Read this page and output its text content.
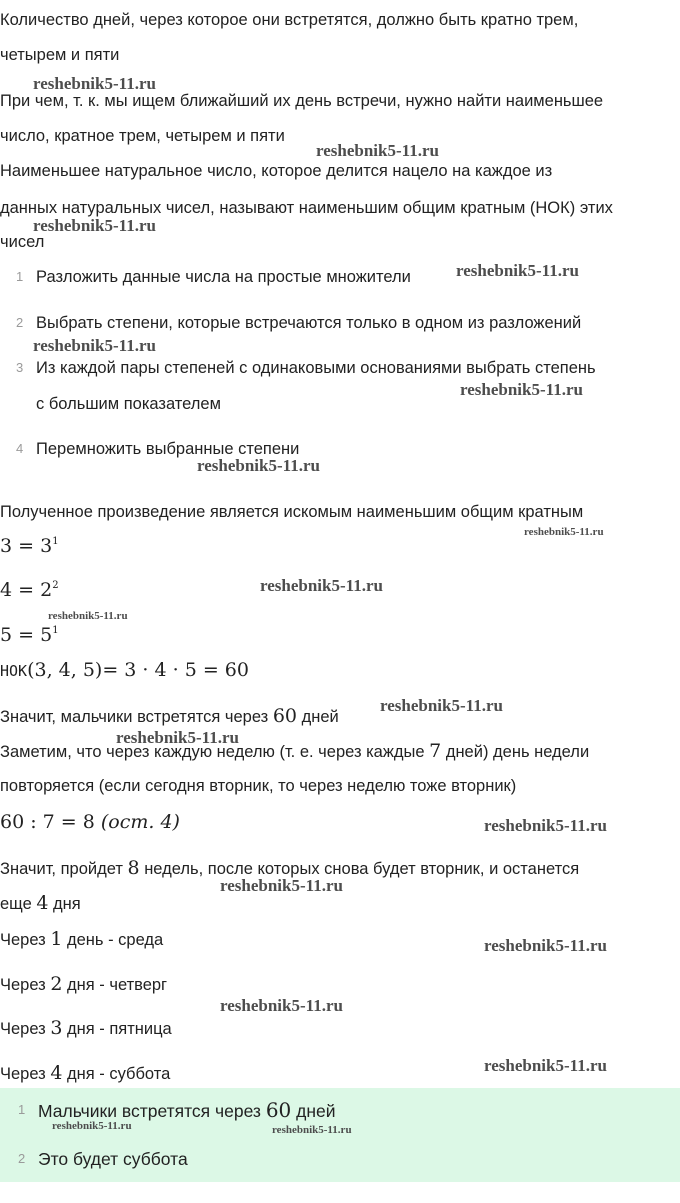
Количество дней, через которое они встретятся, должно быть кратно трем,
четырем и пяти
При чем, т. к. мы ищем ближайший их день встречи, нужно найти наименьшее
число, кратное трем, четырем и пяти
Наименьшее натуральное число, которое делится нацело на каждое из
данных натуральных чисел, называют наименьшим общим кратным (НОК) этих
чисел
1 Разложить данные числа на простые множители
2 Выбрать степени, которые встречаются только в одном из разложений
3 Из каждой пары степеней с одинаковыми основаниями выбрать степень
с большим показателем
4 Перемножить выбранные степени
Полученное произведение является искомым наименьшим общим кратным
$3 = 3^1$
$4 = 2^2$
$5 = 5^1$
НОК(3, 4, 5)= 3 · 4 · 5 = 60
Значит, мальчики встретятся через 60 дней
Заметим, что через каждую неделю (т. е. через каждые 7 дней) день недели
повторяется (если сегодня вторник, то через неделю тоже вторник)
60 : 7 = 8 (ост. 4)
Значит, пройдет 8 недель, после которых снова будет вторник, и останется
еще 4 дня
Через 1 день - среда
Через 2 дня - четверг
Через 3 дня - пятница
Через 4 дня - суббота
1 Мальчики встретятся через 60 дней
2 Это будет суббота
reshebnik5-11.ru
reshebnik5-11.ru
reshebnik5-11.ru
reshebnik5-11.ru
reshebnik5-11.ru
reshebnik5-11.ru
reshebnik5-11.ru
reshebnik5-11.ru
reshebnik5-11.ru
reshebnik5-11.ru
reshebnik5-11.ru
reshebnik5-11.ru
reshebnik5-11.ru
reshebnik5-11.ru
reshebnik5-11.ru
reshebnik5-11.ru
reshebnik5-11.ru
reshebnik5-11.ru	reshebnik5-11.ru
